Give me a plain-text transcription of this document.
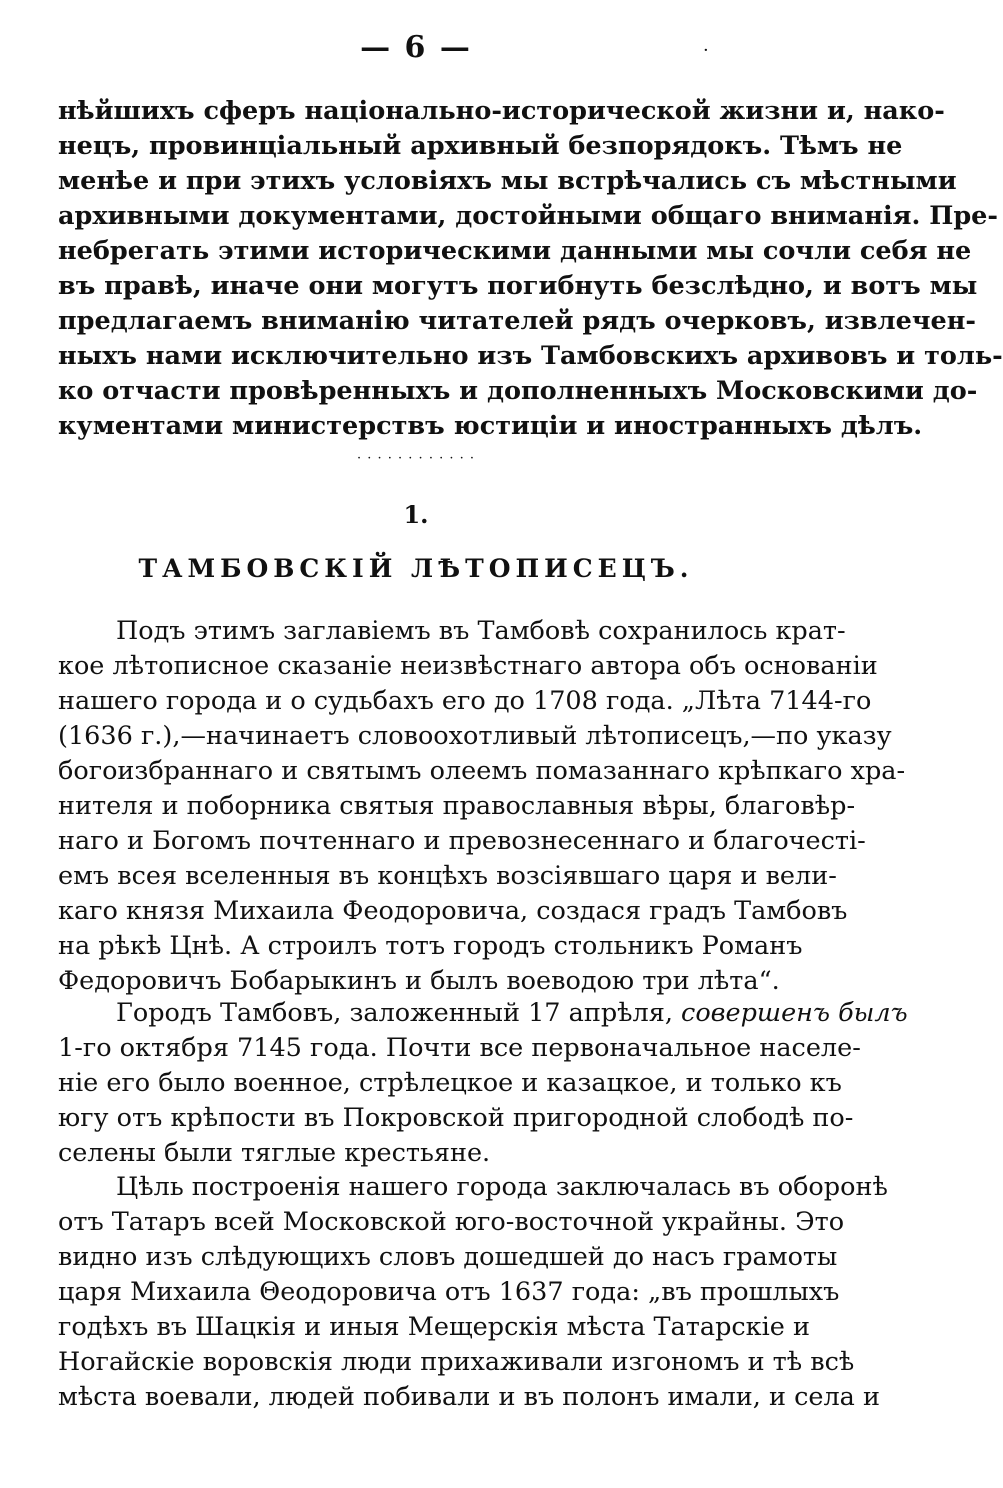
— 6 —	·
нѣйшихъ сферъ національно-исторической жизни и, нако-
нецъ, провинціальный архивный безпорядокъ. Тѣмъ не
менѣе и при этихъ условіяхъ мы встрѣчались съ мѣстными
архивными документами, достойными общаго вниманія. Пре-
небрегать этими историческими данными мы сочли себя не
въ правѣ, иначе они могутъ погибнуть безслѣдно, и вотъ мы
предлагаемъ вниманію читателей рядъ очерковъ, извлечен-
ныхъ нами исключительно изъ Тамбовскихъ архивовъ и толь-
ко отчасти провѣренныхъ и дополненныхъ Московскими до-
кументами министерствъ юстиціи и иностранныхъ дѣлъ.
· · · · · · · · · · · ·
1.
ТАМБОВСКІЙ ЛѢТОПИСЕЦЪ.
Подъ этимъ заглавіемъ въ Тамбовѣ сохранилось крат-
кое лѣтописное сказаніе неизвѣстнаго автора объ основаніи
нашего города и о судьбахъ его до 1708 года. „Лѣта 7144-го
(1636 г.),—начинаетъ словоохотливый лѣтописецъ,—по указу
богоизбраннаго и святымъ олеемъ помазаннаго крѣпкаго хра-
нителя и поборника святыя православныя вѣры, благовѣр-
наго и Богомъ почтеннаго и превознесеннаго и благочесті-
емъ всея вселенныя въ концѣхъ возсіявшаго царя и вели-
каго князя Михаила Феодоровича, создася градъ Тамбовъ
на рѣкѣ Цнѣ. А строилъ тотъ городъ стольникъ Романъ
Федоровичъ Бобарыкинъ и былъ воеводою три лѣта“.
Городъ Тамбовъ, заложенный 17 апрѣля, совершенъ былъ
1-го октября 7145 года. Почти все первоначальное населе-
ніе его было военное, стрѣлецкое и казацкое, и только къ
югу отъ крѣпости въ Покровской пригородной слободѣ по-
селены были тяглые крестьяне.
Цѣль построенія нашего города заключалась въ оборонѣ
отъ Татаръ всей Московской юго-восточной украйны. Это
видно изъ слѣдующихъ словъ дошедшей до насъ грамоты
царя Михаила Θеодоровича отъ 1637 года: „въ прошлыхъ
годѣхъ въ Шацкія и иныя Мещерскія мѣста Татарскіе и
Ногайскіе воровскія люди прихаживали изгономъ и тѣ всѣ
мѣста воевали, людей побивали и въ полонъ имали, и села и
